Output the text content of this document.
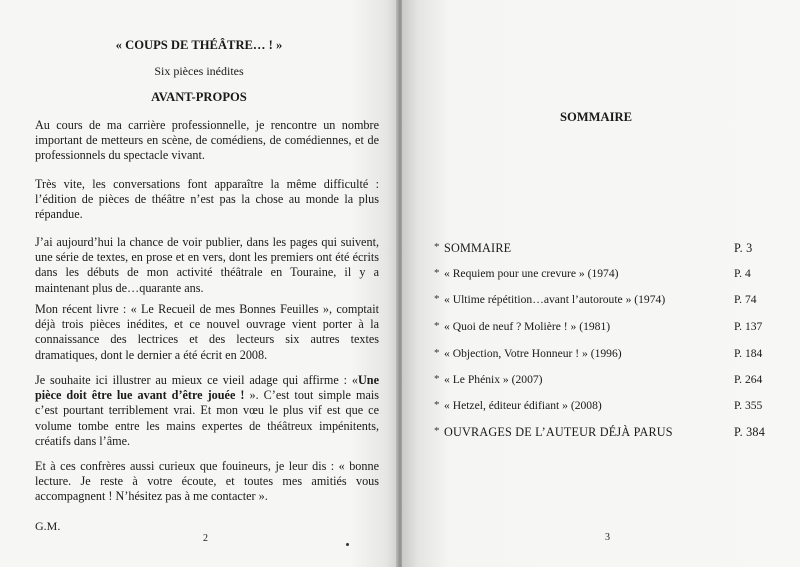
« COUPS DE THÉÂTRE… ! »
Six pièces inédites
AVANT-PROPOS
Au cours de ma carrière professionnelle, je rencontre un nombre important de metteurs en scène, de comédiens, de comédiennes, et de professionnels du spectacle vivant.
Très vite, les conversations font apparaître la même difficulté : l’édition de pièces de théâtre n’est pas la chose au monde la plus répandue.
J’ai aujourd’hui la chance de voir publier, dans les pages qui suivent, une série de textes, en prose et en vers, dont les premiers ont été écrits dans les débuts de mon activité théâtrale en Touraine, il y a maintenant plus de…quarante ans.
Mon récent livre : « Le Recueil de mes Bonnes Feuilles », comptait déjà trois pièces inédites, et ce nouvel ouvrage vient porter à la connaissance des lectrices et des lecteurs six autres textes dramatiques, dont le dernier a été écrit en 2008.
Je souhaite ici illustrer au mieux ce vieil adage qui affirme : «Une pièce doit être lue avant d’être jouée ! ». C’est tout simple mais c’est pourtant terriblement vrai. Et mon vœu le plus vif est que ce volume tombe entre les mains expertes de théâtreux impénitents, créatifs dans l’âme.
Et à ces confrères aussi curieux que fouineurs, je leur dis : « bonne lecture. Je reste à votre écoute, et toutes mes amitiés vous accompagnent ! N’hésitez pas à me contacter ».
G.M.
2
SOMMAIRE
* SOMMAIRE	P. 3
* « Requiem pour une crevure » (1974)	P. 4
* « Ultime répétition…avant l’autoroute » (1974)	P. 74
* « Quoi de neuf ? Molière ! » (1981)	P. 137
* « Objection, Votre Honneur ! » (1996)	P. 184
* « Le Phénix » (2007)	P. 264
* « Hetzel, éditeur édifiant » (2008)	P. 355
* OUVRAGES DE L’AUTEUR DÉJÀ PARUS	P. 384
3
